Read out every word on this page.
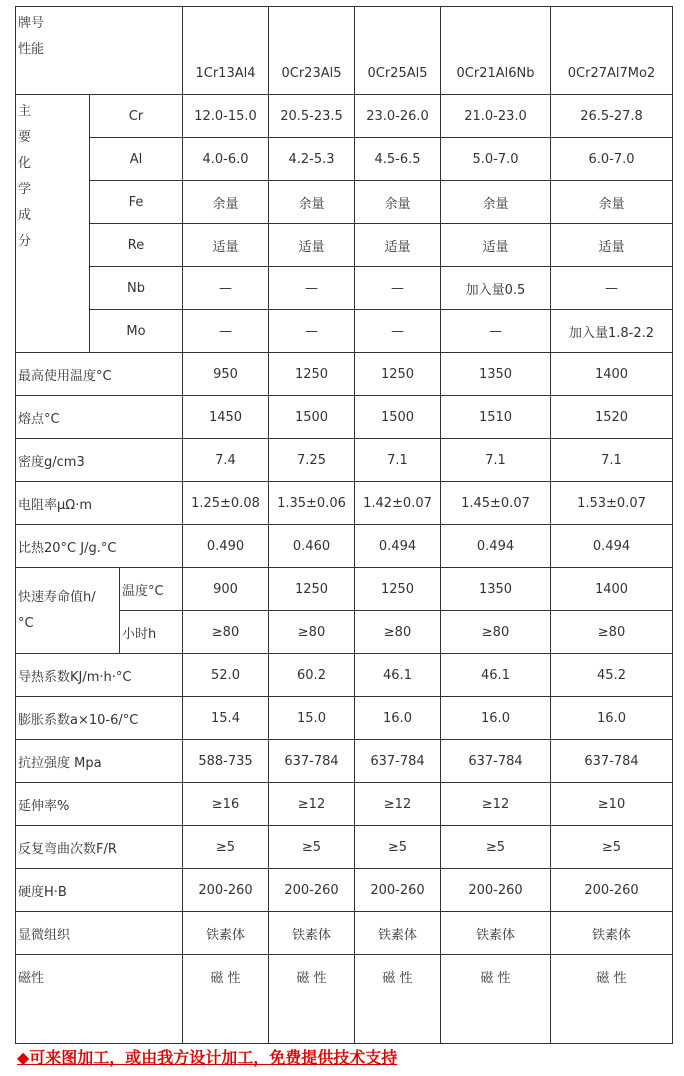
牌号
性能			1Cr13Al4	0Cr23Al5	0Cr25Al5	0Cr21Al6Nb	0Cr27Al7Mo2

主要化学成分	Cr		12.0-15.0	20.5-23.5	23.0-26.0	21.0-23.0	26.5-27.8
	Al		4.0-6.0	4.2-5.3	4.5-6.5	5.0-7.0	6.0-7.0
	Fe		余量	余量	余量	余量	余量
	Re		适量	适量	适量	适量	适量
	Nb		—	—	—	加入量0.5	—
	Mo		—	—	—	—	加入量1.8-2.2
最高使用温度°C			950	1250	1250	1350	1400
熔点°C			1450	1500	1500	1510	1520
密度g/cm3			7.4	7.25	7.1	7.1	7.1
电阻率μΩ·m			1.25±0.08	1.35±0.06	1.42±0.07	1.45±0.07	1.53±0.07
比热20°C J/g.°C			0.490	0.460	0.494	0.494	0.494

快速寿命值h/°C		温度°C	900	1250	1250	1350	1400
		小时h	≥80	≥80	≥80	≥80	≥80
导热系数KJ/m·h·°C			52.0	60.2	46.1	46.1	45.2
膨胀系数a×10-6/°C			15.4	15.0	16.0	16.0	16.0
抗拉强度 Mpa			588-735	637-784	637-784	637-784	637-784
延伸率%			≥16	≥12	≥12	≥12	≥10
反复弯曲次数F/R			≥5	≥5	≥5	≥5	≥5
硬度H·B			200-260	200-260	200-260	200-260	200-260
显微组织			铁素体	铁素体	铁素体	铁素体	铁素体
磁性			磁 性	磁 性	磁 性	磁 性	磁 性
◆可来图加工，或由我方设计加工，免费提供技术支持
